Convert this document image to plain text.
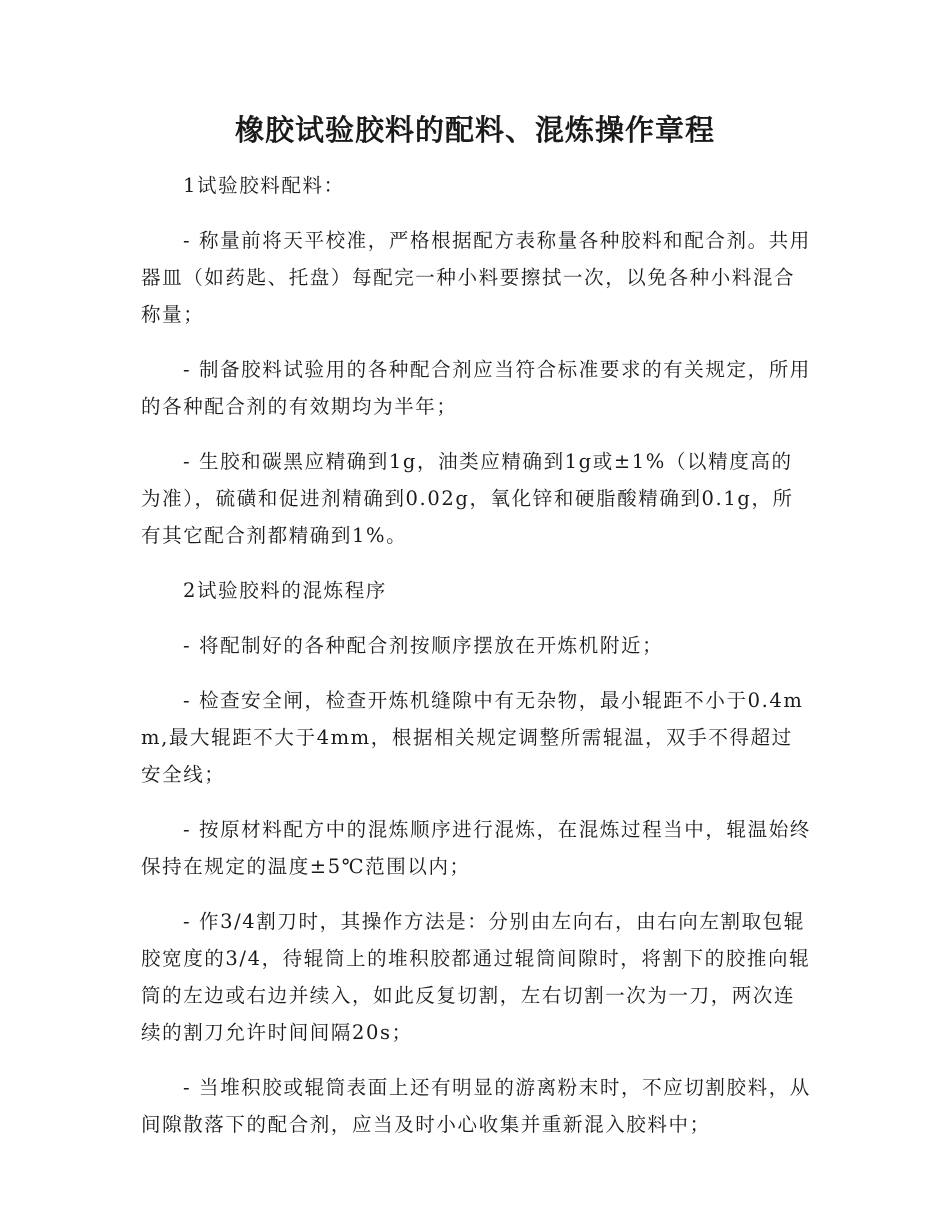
橡胶试验胶料的配料、混炼操作章程

1试验胶料配料：

- 称量前将天平校准，严格根据配方表称量各种胶料和配合剂。共用器皿（如药匙、托盘）每配完一种小料要擦拭一次，以免各种小料混合称量；

- 制备胶料试验用的各种配合剂应当符合标准要求的有关规定，所用的各种配合剂的有效期均为半年；

- 生胶和碳黑应精确到1g，油类应精确到1g或±1%（以精度高的为准），硫磺和促进剂精确到0.02g，氧化锌和硬脂酸精确到0.1g，所有其它配合剂都精确到1%。

2试验胶料的混炼程序

- 将配制好的各种配合剂按顺序摆放在开炼机附近；

- 检查安全闸，检查开炼机缝隙中有无杂物，最小辊距不小于0.4mm,最大辊距不大于4mm，根据相关规定调整所需辊温，双手不得超过安全线；

- 按原材料配方中的混炼顺序进行混炼，在混炼过程当中，辊温始终保持在规定的温度±5℃范围以内；

- 作3/4割刀时，其操作方法是：分别由左向右，由右向左割取包辊胶宽度的3/4，待辊筒上的堆积胶都通过辊筒间隙时，将割下的胶推向辊筒的左边或右边并续入，如此反复切割，左右切割一次为一刀，两次连续的割刀允许时间间隔20s；

- 当堆积胶或辊筒表面上还有明显的游离粉末时，不应切割胶料，从间隙散落下的配合剂，应当及时小心收集并重新混入胶料中；
